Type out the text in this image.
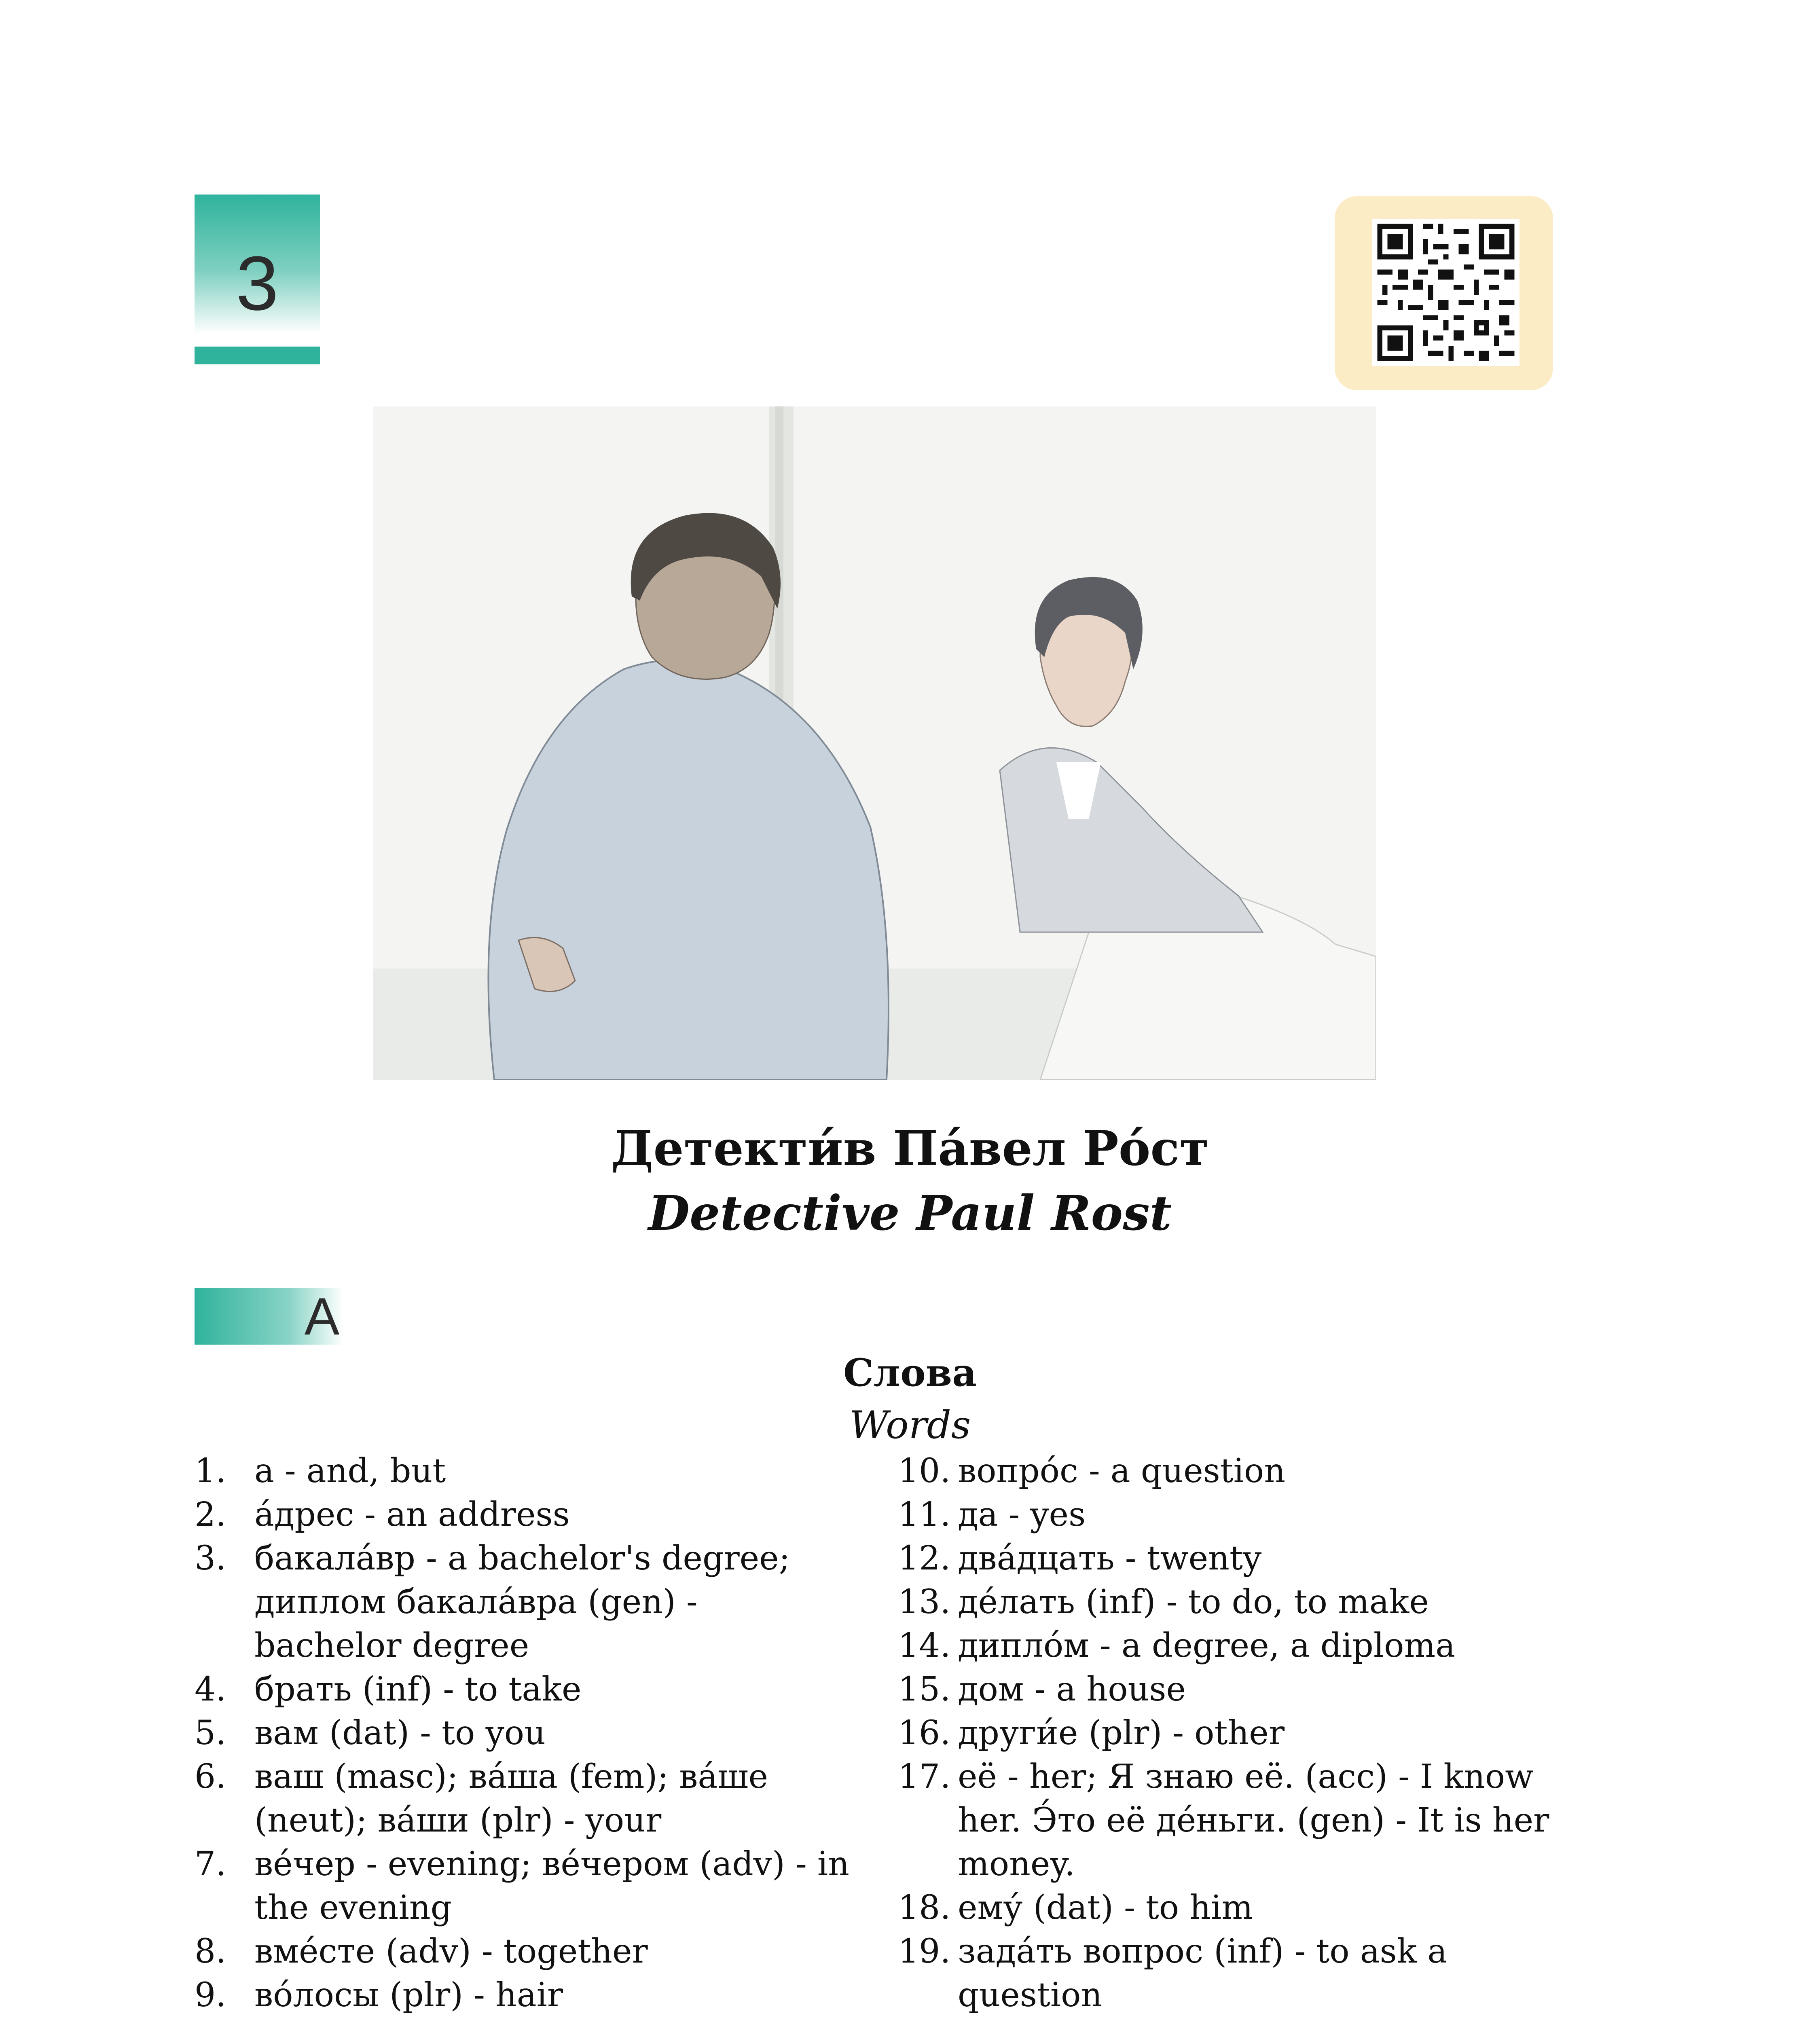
3
Детекти́в Па́вел Ро́ст
Detective Paul Rost
A
Слова
Words
1. а - and, but
2. а́дрес - an address
3. бакала́вр - a bachelor's degree; диплом бакала́вра (gen) - bachelor degree
4. брать (inf) - to take
5. вам (dat) - to you
6. ваш (masc); ва́ша (fem); ва́ше (neut); ва́ши (plr) - your
7. ве́чер - evening; ве́чером (adv) - in the evening
8. вме́сте (adv) - together
9. во́лосы (plr) - hair
10. вопро́с - a question
11. да - yes
12. два́дцать - twenty
13. де́лать (inf) - to do, to make
14. дипло́м - a degree, a diploma
15. дом - a house
16. други́е (plr) - other
17. её - her; Я знаю её. (acc) - I know her. Э́то её де́ньги. (gen) - It is her money.
18. ему́ (dat) - to him
19. зада́ть вопрос (inf) - to ask a question
